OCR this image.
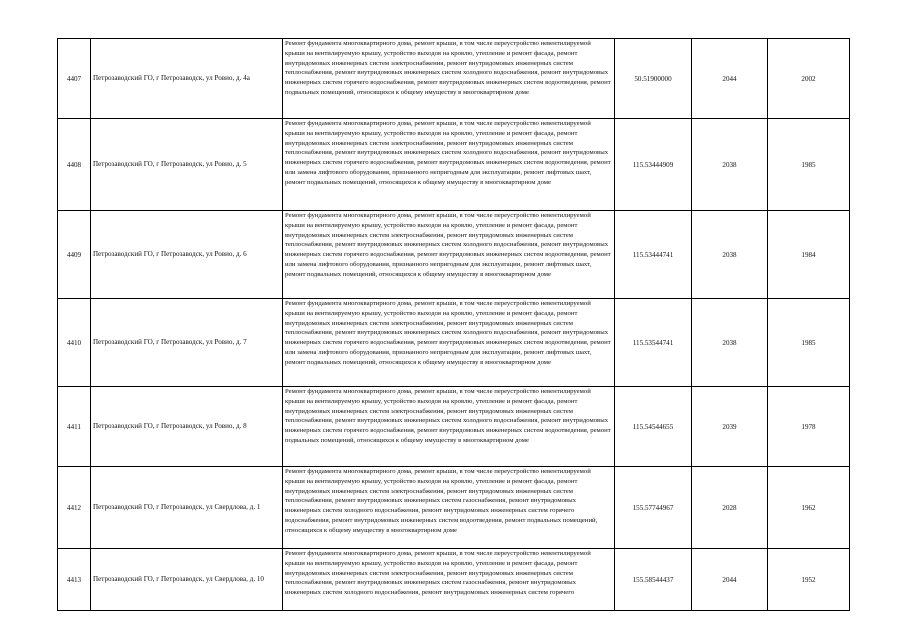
4407	Петрозаводский ГО, г Петрозаводск, ул Ровио, д. 4а	Ремонт фундамента многоквартирного дома, ремонт крыши, в том числе переустройство невентилируемой крыши на вентилируемую крышу, устройство выходов на кровлю, утепление и ремонт фасада, ремонт внутридомовых инженерных систем электроснабжения, ремонт внутридомовых инженерных систем теплоснабжения, ремонт внутридомовых инженерных систем холодного водоснабжения, ремонт внутридомовых инженерных систем горячего водоснабжения, ремонт внутридомовых инженерных систем водоотведения, ремонт подвальных помещений, относящихся к общему имуществу в многоквартирном доме	50.51900000	2044	2002

4408	Петрозаводский ГО, г Петрозаводск, ул Ровио, д. 5	Ремонт фундамента многоквартирного дома, ремонт крыши, в том числе переустройство невентилируемой крыши на вентилируемую крышу, устройство выходов на кровлю, утепление и ремонт фасада, ремонт внутридомовых инженерных систем электроснабжения, ремонт внутридомовых инженерных систем теплоснабжения, ремонт внутридомовых инженерных систем холодного водоснабжения, ремонт внутридомовых инженерных систем горячего водоснабжения, ремонт внутридомовых инженерных систем водоотведения, ремонт или замена лифтового оборудования, признанного непригодным для эксплуатации, ремонт лифтовых шахт, ремонт подвальных помещений, относящихся к общему имуществу в многоквартирном доме	115.53444909	2038	1985

4409	Петрозаводский ГО, г Петрозаводск, ул Ровио, д. 6	Ремонт фундамента многоквартирного дома, ремонт крыши, в том числе переустройство невентилируемой крыши на вентилируемую крышу, устройство выходов на кровлю, утепление и ремонт фасада, ремонт внутридомовых инженерных систем электроснабжения, ремонт внутридомовых инженерных систем теплоснабжения, ремонт внутридомовых инженерных систем холодного водоснабжения, ремонт внутридомовых инженерных систем горячего водоснабжения, ремонт внутридомовых инженерных систем водоотведения, ремонт или замена лифтового оборудования, признанного непригодным для эксплуатации, ремонт лифтовых шахт, ремонт подвальных помещений, относящихся к общему имуществу в многоквартирном доме	115.53444741	2038	1984

4410	Петрозаводский ГО, г Петрозаводск, ул Ровио, д. 7	Ремонт фундамента многоквартирного дома, ремонт крыши, в том числе переустройство невентилируемой крыши на вентилируемую крышу, устройство выходов на кровлю, утепление и ремонт фасада, ремонт внутридомовых инженерных систем электроснабжения, ремонт внутридомовых инженерных систем теплоснабжения, ремонт внутридомовых инженерных систем холодного водоснабжения, ремонт внутридомовых инженерных систем горячего водоснабжения, ремонт внутридомовых инженерных систем водоотведения, ремонт или замена лифтового оборудования, признанного непригодным для эксплуатации, ремонт лифтовых шахт, ремонт подвальных помещений, относящихся к общему имуществу в многоквартирном доме	115.53544741	2038	1985

4411	Петрозаводский ГО, г Петрозаводск, ул Ровио, д. 8	Ремонт фундамента многоквартирного дома, ремонт крыши, в том числе переустройство невентилируемой крыши на вентилируемую крышу, устройство выходов на кровлю, утепление и ремонт фасада, ремонт внутридомовых инженерных систем электроснабжения, ремонт внутридомовых инженерных систем теплоснабжения, ремонт внутридомовых инженерных систем холодного водоснабжения, ремонт внутридомовых инженерных систем горячего водоснабжения, ремонт внутридомовых инженерных систем водоотведения, ремонт подвальных помещений, относящихся к общему имуществу в многоквартирном доме	115.54544655	2039	1978

4412	Петрозаводский ГО, г Петрозаводск, ул Свердлова, д. 1	Ремонт фундамента многоквартирного дома, ремонт крыши, в том числе переустройство невентилируемой крыши на вентилируемую крышу, устройство выходов на кровлю, утепление и ремонт фасада, ремонт внутридомовых инженерных систем электроснабжения, ремонт внутридомовых инженерных систем теплоснабжения, ремонт внутридомовых инженерных систем газоснабжения, ремонт внутридомовых инженерных систем холодного водоснабжения, ремонт внутридомовых инженерных систем горячего водоснабжения, ремонт внутридомовых инженерных систем водоотведения, ремонт подвальных помещений, относящихся к общему имуществу в многоквартирном доме	155.57744967	2028	1962

4413	Петрозаводский ГО, г Петрозаводск, ул Свердлова, д. 10	Ремонт фундамента многоквартирного дома, ремонт крыши, в том числе переустройство невентилируемой крыши на вентилируемую крышу, устройство выходов на кровлю, утепление и ремонт фасада, ремонт внутридомовых инженерных систем электроснабжения, ремонт внутридомовых инженерных систем теплоснабжения, ремонт внутридомовых инженерных систем газоснабжения, ремонт внутридомовых инженерных систем холодного водоснабжения, ремонт внутридомовых инженерных систем горячего	155.58544437	2044	1952
